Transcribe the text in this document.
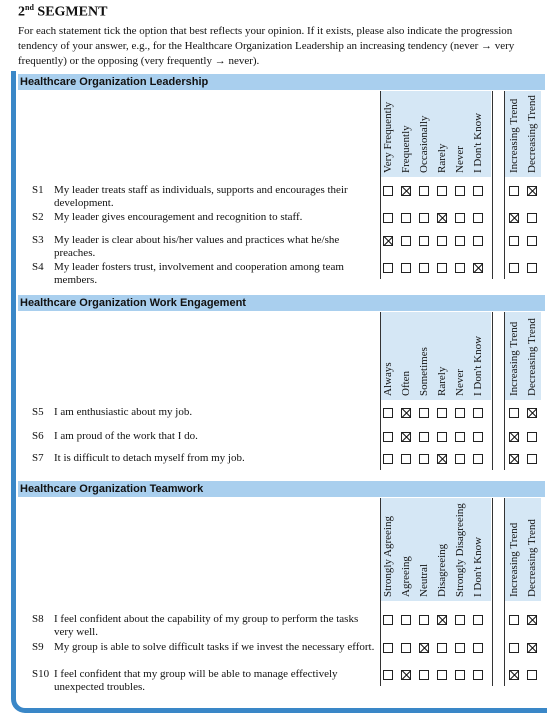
2nd SEGMENT
For each statement tick the option that best reflects your opinion. If it exists, please also indicate the progression tendency of your answer, e.g., for the Healthcare Organization Leadership an increasing tendency (never → very frequently) or the opposing (very frequently → never).
Healthcare Organization Leadership
Very Frequently Frequently Occasionally Rarely Never I Don't Know Increasing Trend Decreasing Trend
S1 My leader treats staff as individuals, supports and encourages their development.
S2 My leader gives encouragement and recognition to staff.
S3 My leader is clear about his/her values and practices what he/she preaches.
S4 My leader fosters trust, involvement and cooperation among team members.
Healthcare Organization Work Engagement
Always Often Sometimes Rarely Never I Don't Know Increasing Trend Decreasing Trend
S5 I am enthusiastic about my job.
S6 I am proud of the work that I do.
S7 It is difficult to detach myself from my job.
Healthcare Organization Teamwork
Strongly Agreeing Agreeing Neutral Disagreeing Strongly Disagreeing I Don't Know Increasing Trend Decreasing Trend
S8 I feel confident about the capability of my group to perform the tasks very well.
S9 My group is able to solve difficult tasks if we invest the necessary effort.
S10 I feel confident that my group will be able to manage effectively unexpected troubles.
